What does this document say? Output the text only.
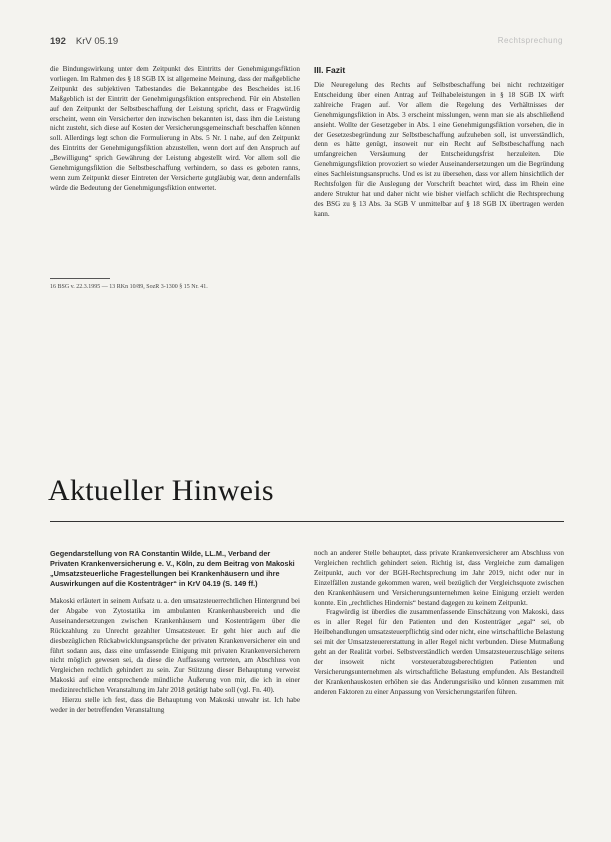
192 KrV 05.19	Rechtsprechung

die Bindungswirkung unter dem Zeitpunkt des Eintritts der Genehmigungsfiktion vorliegen. Im Rahmen des § 18 SGB IX ist allgemeine Meinung, dass der maßgebliche Zeitpunkt des subjektiven Tatbestandes die Bekanntgabe des Bescheides ist.16 Maßgeblich ist der Eintritt der Genehmigungsfiktion entsprechend. Für ein Abstellen auf den Zeitpunkt der Selbstbeschaffung der Leistung spricht, dass er Fragwürdig erscheint, wenn ein Versicherter den inzwischen bekannten ist, dass ihm die Leistung nicht zusteht, sich diese auf Kosten der Versicherungsgemeinschaft beschaffen können soll. Allerdings legt schon die Formulierung in Abs. 5 Nr. 1 nahe, auf den Zeitpunkt des Eintritts der Genehmigungsfiktion abzustellen, wenn dort auf den Anspruch auf „Bewilligung“ sprich Gewährung der Leistung abgestellt wird. Vor allem soll die Genehmigungsfiktion die Selbstbeschaffung verhindern, so dass es geboten ranns, wenn zum Zeitpunkt dieser Eintreten der Versicherte gutgläubig war, denn andernfalls würde die Bedeutung der Genehmigungsfiktion entwertet.

16 BSG v. 22.3.1995 — 13 RKn 10/89, SozR 3-1300 § 15 Nr. 41.
III. Fazit

Die Neuregelung des Rechts auf Selbstbeschaffung bei nicht rechtzeitiger Entscheidung über einen Antrag auf Teilhabeleistungen in § 18 SGB IX wirft zahlreiche Fragen auf. Vor allem die Regelung des Verhältnisses der Genehmigungsfiktion in Abs. 3 erscheint misslungen, wenn man sie als abschließend ansieht. Wollte der Gesetzgeber in Abs. 1 eine Genehmigungsfiktion vorsehen, die in der Gesetzesbegründung zur Selbstbeschaffung aufzuheben soll, ist unverständlich, denn es hätte genügt, insoweit nur ein Recht auf Selbstbeschaffung nach umfangreichen Versäumung der Entscheidungsfrist herzuleiten. Die Genehmigungsfiktion provoziert so wieder Auseinandersetzungen um die Begründung eines Sachleistungsanspruchs. Und es ist zu übersehen, dass vor allem hinsichtlich der Rechtsfolgen für die Auslegung der Vorschrift beachtet wird, dass im Rhein eine andere Struktur hat und daher nicht wie bisher vielfach schlicht die Rechtsprechung des BSG zu § 13 Abs. 3a SGB V unmittelbar auf § 18 SGB IX übertragen werden kann.

Aktueller Hinweis

Gegendarstellung von RA Constantin Wilde, LL.M., Verband der Privaten Krankenversicherung e. V., Köln, zu dem Beitrag von Makoski „Umsatzsteuerliche Fragestellungen bei Krankenhäusern und ihre Auswirkungen auf die Kostenträger“ in KrV 04.19 (S. 149 ff.)

Makoski erläutert in seinem Aufsatz u. a. den umsatzsteuerrechtlichen Hintergrund bei der Abgabe von Zytostatika im ambulanten Krankenhausbereich und die Auseinandersetzungen zwischen Krankenhäusern und Kostenträgern über die Rückzahlung zu Unrecht gezahlter Umsatzsteuer. Er geht hier auch auf die diesbezüglichen Rückabwicklungsansprüche der privaten Krankenversicherer ein und führt sodann aus, dass eine umfassende Einigung mit privaten Krankenversicherern nicht möglich gewesen sei, da diese die Auffassung vertreten, am Abschluss von Vergleichen rechtlich gehindert zu sein. Zur Stützung dieser Behauptung verweist Makoski auf eine entsprechende mündliche Äußerung von mir, die ich in einer medizinrechtlichen Veranstaltung im Jahr 2018 getätigt habe soll (vgl. Fn. 40).

Hierzu stelle ich fest, dass die Behauptung von Makoski unwahr ist. Ich habe weder in der betreffenden Veranstaltung

noch an anderer Stelle behauptet, dass private Krankenversicherer am Abschluss von Vergleichen rechtlich gehindert seien. Richtig ist, dass Vergleiche zum damaligen Zeitpunkt, auch vor der BGH-Rechtsprechung im Jahr 2019, nicht oder nur in Einzelfällen zustande gekommen waren, weil bezüglich der Vergleichsquote zwischen den Krankenhäusern und Versicherungsunternehmen keine Einigung erzielt werden konnte. Ein „rechtliches Hindernis“ bestand dagegen zu keinem Zeitpunkt.

Fragwürdig ist überdies die zusammenfassende Einschätzung von Makoski, dass es in aller Regel für den Patienten und den Kostenträger „egal“ sei, ob Heilbehandlungen umsatzsteuerpflichtig sind oder nicht, eine wirtschaftliche Belastung sei mit der Umsatzsteuererstattung in aller Regel nicht verbunden. Diese Mutmaßung geht an der Realität vorbei. Selbstverständlich werden Umsatzsteuerzuschläge seitens der insoweit nicht vorsteuerabzugsberechtigten Patienten und Versicherungsunternehmen als wirtschaftliche Belastung empfunden. Als Bestandteil der Krankenhauskosten erhöhen sie das Änderungsrisiko und können zusammen mit anderen Faktoren zu einer Anpassung von Versicherungstarifen führen.
